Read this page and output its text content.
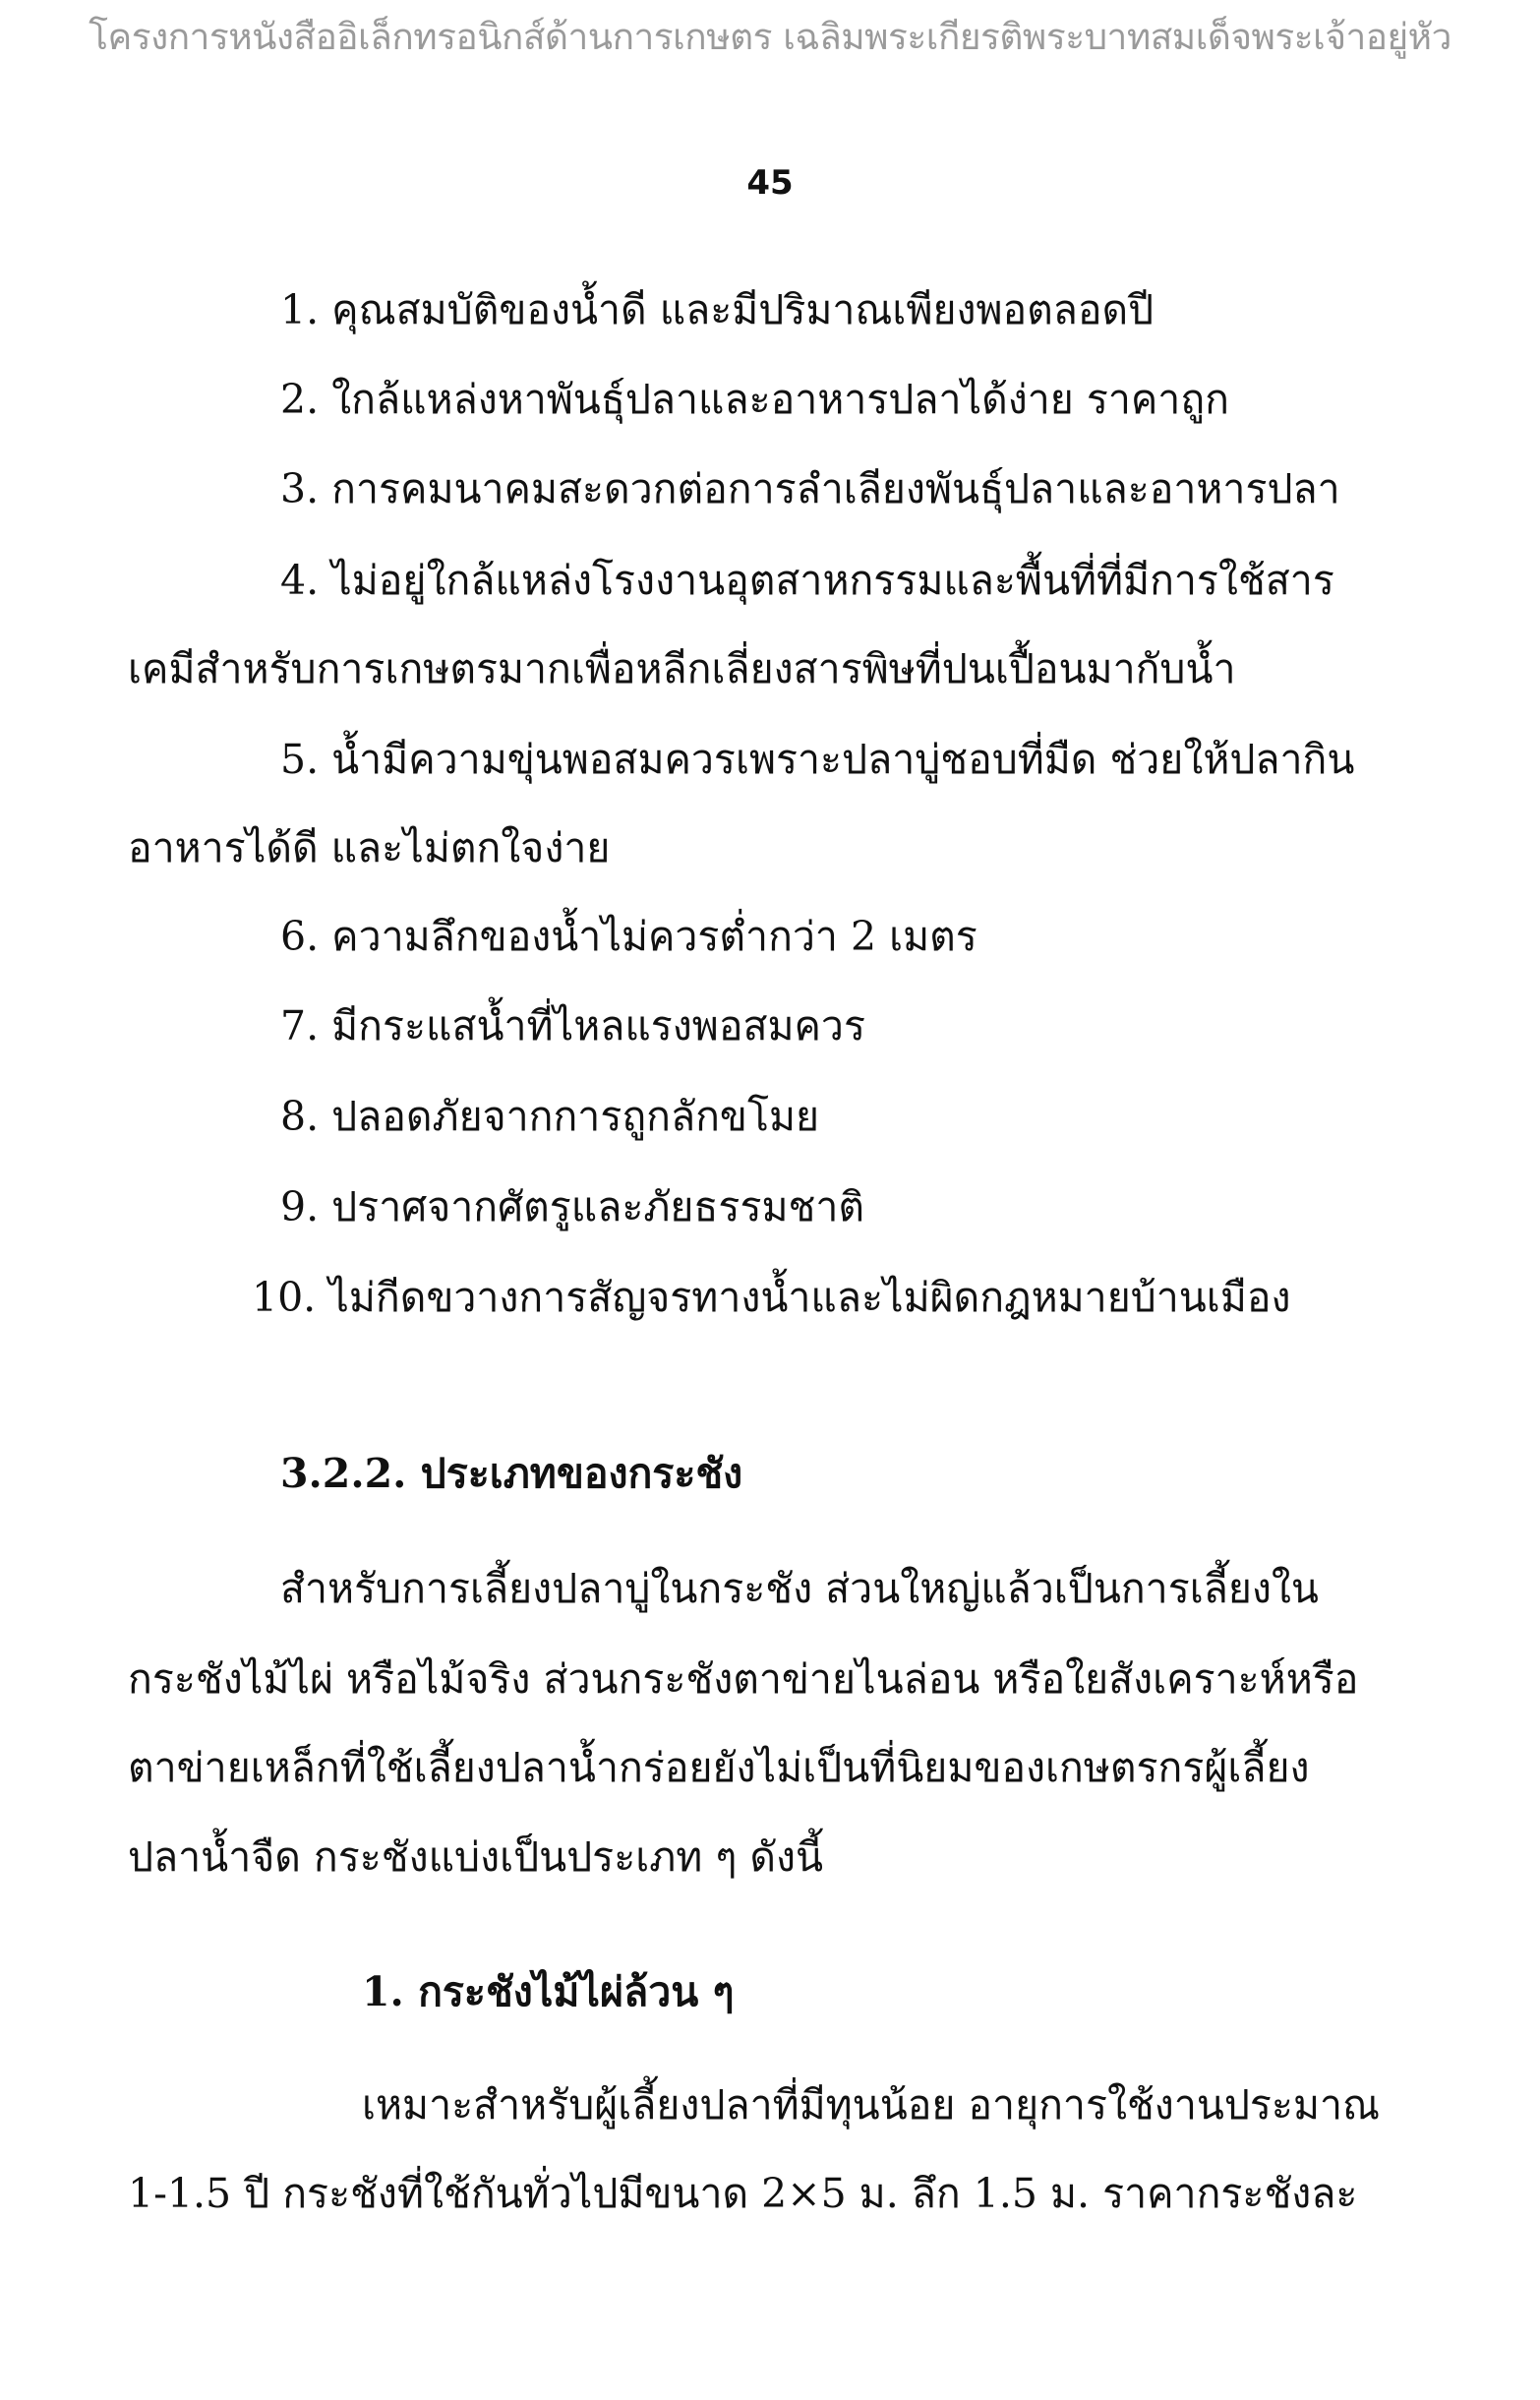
โครงการหนังสืออิเล็กทรอนิกส์ด้านการเกษตร เฉลิมพระเกียรติพระบาทสมเด็จพระเจ้าอยู่หัว
45
1. คุณสมบัติของน้ำดี และมีปริมาณเพียงพอตลอดปี
2. ใกล้แหล่งหาพันธุ์ปลาและอาหารปลาได้ง่าย ราคาถูก
3. การคมนาคมสะดวกต่อการลำเลียงพันธุ์ปลาและอาหารปลา
4. ไม่อยู่ใกล้แหล่งโรงงานอุตสาหกรรมและพื้นที่ที่มีการใช้สาร
เคมีสำหรับการเกษตรมากเพื่อหลีกเลี่ยงสารพิษที่ปนเปื้อนมากับน้ำ
5. น้ำมีความขุ่นพอสมควรเพราะปลาบู่ชอบที่มืด ช่วยให้ปลากิน
อาหารได้ดี และไม่ตกใจง่าย
6. ความลึกของน้ำไม่ควรต่ำกว่า 2 เมตร
7. มีกระแสน้ำที่ไหลแรงพอสมควร
8. ปลอดภัยจากการถูกลักขโมย
9. ปราศจากศัตรูและภัยธรรมชาติ
10. ไม่กีดขวางการสัญจรทางน้ำและไม่ผิดกฎหมายบ้านเมือง
3.2.2. ประเภทของกระชัง
สำหรับการเลี้ยงปลาบู่ในกระชัง ส่วนใหญ่แล้วเป็นการเลี้ยงใน
กระชังไม้ไผ่ หรือไม้จริง ส่วนกระชังตาข่ายไนล่อน หรือใยสังเคราะห์หรือ
ตาข่ายเหล็กที่ใช้เลี้ยงปลาน้ำกร่อยยังไม่เป็นที่นิยมของเกษตรกรผู้เลี้ยง
ปลาน้ำจืด กระชังแบ่งเป็นประเภท ๆ ดังนี้
1. กระชังไม้ไผ่ล้วน ๆ
เหมาะสำหรับผู้เลี้ยงปลาที่มีทุนน้อย อายุการใช้งานประมาณ
1-1.5 ปี กระชังที่ใช้กันทั่วไปมีขนาด 2×5 ม. ลึก 1.5 ม. ราคากระชังละ
